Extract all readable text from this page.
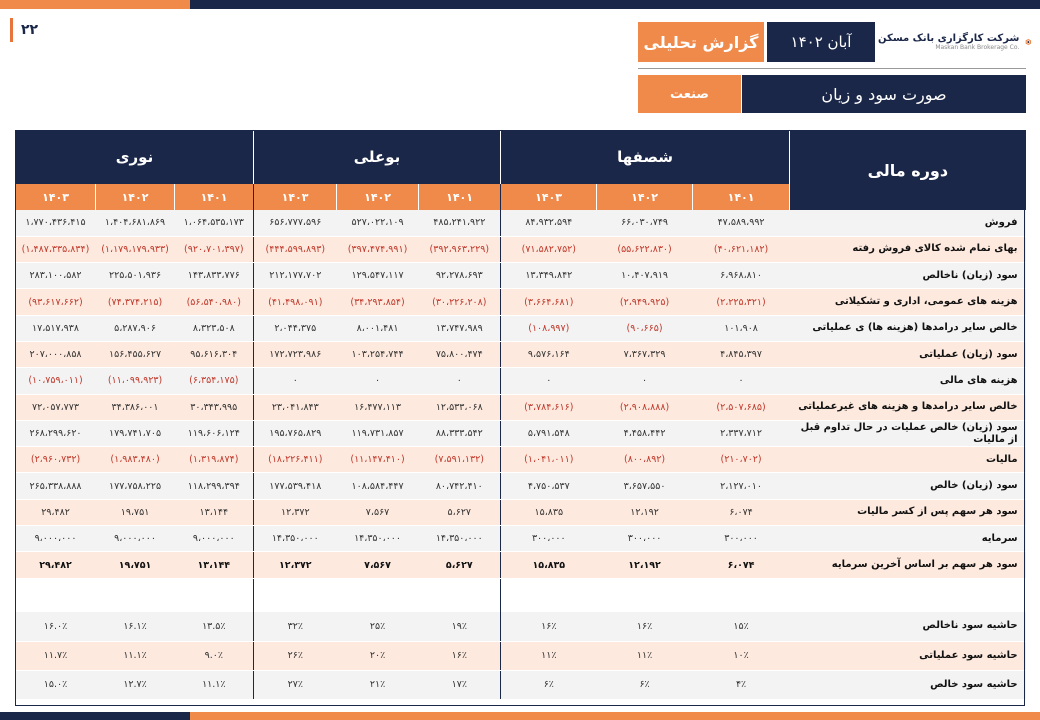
۲۲
شرکت کارگزاری بانک مسکن
Maskan Bank Brokerage Co.
آبان ۱۴۰۲
گزارش تحلیلی
صورت سود و زیان
صنعت
دوره مالی	شصفها			بوعلی			نوری		
	۱۴۰۱	۱۴۰۲	۱۴۰۳	۱۴۰۱	۱۴۰۲	۱۴۰۳	۱۴۰۱	۱۴۰۲	۱۴۰۳
فروش	۴۷،۵۸۹،۹۹۲	۶۶،۰۳۰،۷۴۹	۸۴،۹۳۲،۵۹۴	۴۸۵،۲۴۱،۹۲۲	۵۲۷،۰۲۲،۱۰۹	۶۵۶،۷۷۷،۵۹۶	۱،۰۶۴،۵۳۵،۱۷۳	۱،۴۰۴،۶۸۱،۸۶۹	۱،۷۷۰،۴۳۶،۴۱۵
بهای تمام شده کالای فروش رفته	(۴۰،۶۲۱،۱۸۲)	(۵۵،۶۲۲،۸۳۰)	(۷۱،۵۸۲،۷۵۲)	(۳۹۲،۹۶۳،۲۲۹)	(۳۹۷،۴۷۴،۹۹۱)	(۴۴۴،۵۹۹،۸۹۳)	(۹۲۰،۷۰۱،۳۹۷)	(۱،۱۷۹،۱۷۹،۹۳۳)	(۱،۴۸۷،۳۳۵،۸۳۴)
سود (زیان) ناخالص	۶،۹۶۸،۸۱۰	۱۰،۴۰۷،۹۱۹	۱۳،۳۴۹،۸۴۲	۹۲،۲۷۸،۶۹۳	۱۲۹،۵۴۷،۱۱۷	۲۱۲،۱۷۷،۷۰۲	۱۴۳،۸۳۳،۷۷۶	۲۲۵،۵۰۱،۹۳۶	۲۸۳،۱۰۰،۵۸۲
هزینه های عمومی، اداری و تشکیلاتی	(۲،۲۲۵،۳۲۱)	(۲،۹۴۹،۹۲۵)	(۳،۶۶۴،۶۸۱)	(۳۰،۲۲۶،۲۰۸)	(۳۴،۲۹۳،۸۵۴)	(۴۱،۴۹۸،۰۹۱)	(۵۶،۵۴۰،۹۸۰)	(۷۴،۳۷۴،۲۱۵)	(۹۳،۶۱۷،۶۶۲)
خالص سایر درامدها (هزینه ها) ی عملیاتی	۱۰۱،۹۰۸	(۹۰،۶۶۵)	(۱۰۸،۹۹۷)	۱۳،۷۴۷،۹۸۹	۸،۰۰۱،۴۸۱	۲،۰۴۴،۳۷۵	۸،۳۲۳،۵۰۸	۵،۲۸۷،۹۰۶	۱۷،۵۱۷،۹۳۸
سود (زیان) عملیاتی	۴،۸۴۵،۳۹۷	۷،۳۶۷،۳۲۹	۹،۵۷۶،۱۶۴	۷۵،۸۰۰،۴۷۴	۱۰۳،۲۵۴،۷۴۴	۱۷۲،۷۲۳،۹۸۶	۹۵،۶۱۶،۳۰۴	۱۵۶،۴۵۵،۶۲۷	۲۰۷،۰۰۰،۸۵۸
هزینه های مالی	۰	۰	۰	۰	۰	۰	(۶،۳۵۴،۱۷۵)	(۱۱،۰۹۹،۹۲۳)	(۱۰،۷۵۹،۰۱۱)
خالص سایر درامدها و هزینه های غیرعملیاتی	(۲،۵۰۷،۶۸۵)	(۲،۹۰۸،۸۸۸)	(۳،۷۸۴،۶۱۶)	۱۲،۵۳۳،۰۶۸	۱۶،۴۷۷،۱۱۳	۲۳،۰۴۱،۸۴۳	۳۰،۳۴۳،۹۹۵	۳۴،۳۸۶،۰۰۱	۷۲،۰۵۷،۷۷۳
سود (زیان) خالص عملیات در حال تداوم قبل از مالیات	۲،۳۳۷،۷۱۲	۴،۴۵۸،۴۴۲	۵،۷۹۱،۵۴۸	۸۸،۳۳۳،۵۴۲	۱۱۹،۷۳۱،۸۵۷	۱۹۵،۷۶۵،۸۲۹	۱۱۹،۶۰۶،۱۲۴	۱۷۹،۷۴۱،۷۰۵	۲۶۸،۲۹۹،۶۲۰
مالیات	(۲۱۰،۷۰۲)	(۸۰۰،۸۹۲)	(۱،۰۴۱،۰۱۱)	(۷،۵۹۱،۱۳۲)	(۱۱،۱۴۷،۴۱۰)	(۱۸،۲۲۶،۴۱۱)	(۱،۳۱۹،۸۷۴)	(۱،۹۸۳،۴۸۰)	(۲،۹۶۰،۷۳۲)
سود (زیان) خالص	۲،۱۲۷،۰۱۰	۳،۶۵۷،۵۵۰	۴،۷۵۰،۵۳۷	۸۰،۷۴۲،۴۱۰	۱۰۸،۵۸۴،۴۴۷	۱۷۷،۵۳۹،۴۱۸	۱۱۸،۲۹۹،۳۹۴	۱۷۷،۷۵۸،۲۲۵	۲۶۵،۳۳۸،۸۸۸
سود هر سهم پس از کسر مالیات	۶،۰۷۴	۱۲،۱۹۲	۱۵،۸۳۵	۵،۶۲۷	۷،۵۶۷	۱۲،۳۷۲	۱۳،۱۴۴	۱۹،۷۵۱	۲۹،۴۸۲
سرمایه	۳۰۰،۰۰۰	۳۰۰،۰۰۰	۳۰۰،۰۰۰	۱۴،۳۵۰،۰۰۰	۱۴،۳۵۰،۰۰۰	۱۴،۳۵۰،۰۰۰	۹،۰۰۰،۰۰۰	۹،۰۰۰،۰۰۰	۹،۰۰۰،۰۰۰
سود هر سهم بر اساس آخرین سرمایه	۶،۰۷۴	۱۲،۱۹۲	۱۵،۸۳۵	۵،۶۲۷	۷،۵۶۷	۱۲،۳۷۲	۱۳،۱۴۴	۱۹،۷۵۱	۲۹،۴۸۲

حاشیه سود ناخالص	۱۵٪	۱۶٪	۱۶٪	۱۹٪	۲۵٪	۳۲٪	۱۳.۵٪	۱۶.۱٪	۱۶.۰٪
حاشیه سود عملیاتی	۱۰٪	۱۱٪	۱۱٪	۱۶٪	۲۰٪	۲۶٪	۹.۰٪	۱۱.۱٪	۱۱.۷٪
حاشیه سود خالص	۴٪	۶٪	۶٪	۱۷٪	۲۱٪	۲۷٪	۱۱.۱٪	۱۲.۷٪	۱۵.۰٪
